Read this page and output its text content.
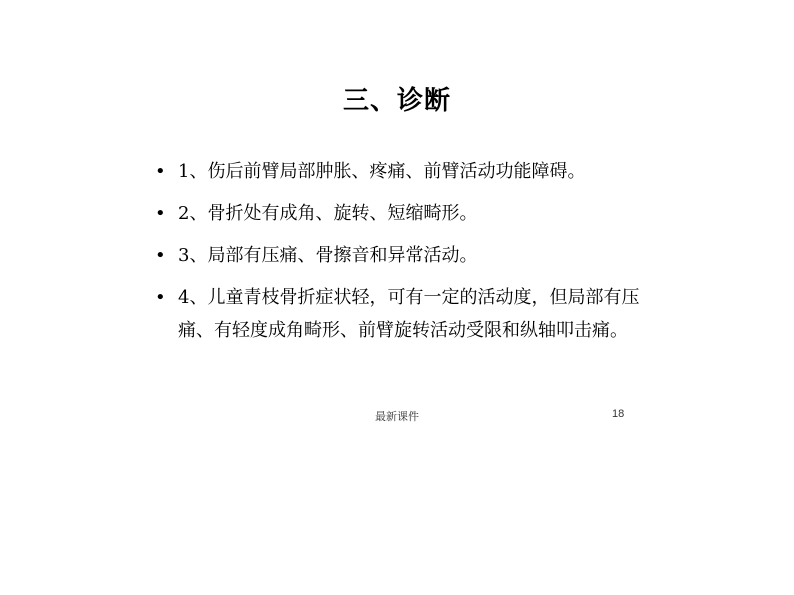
三、诊断
• 1、伤后前臂局部肿胀、疼痛、前臂活动功能障碍。
• 2、骨折处有成角、旋转、短缩畸形。
• 3、局部有压痛、骨擦音和异常活动。
• 4、儿童青枝骨折症状轻，可有一定的活动度，但局部有压痛、有轻度成角畸形、前臂旋转活动受限和纵轴叩击痛。
最新课件	18
